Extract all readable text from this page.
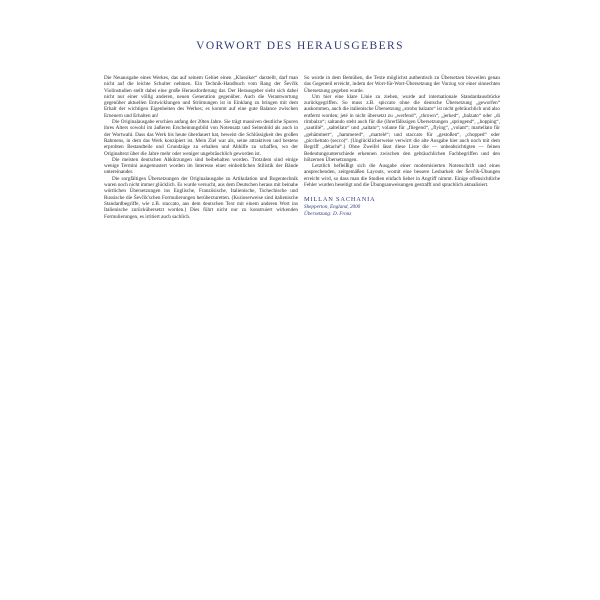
VORWORT DES HERAUSGEBERS

Die Neuausgabe eines Werkes, das auf seinem Gebiet einen „Klassiker“ darstellt, darf man nicht auf die leichte Schulter nehmen. Ein Technik-Handbuch vom Rang der Ševčík Violinstudien stellt dabei eine große Herausforderung dar. Der Herausgeber sieht sich dabei nicht nur einer völlig anderen, neuen Generation gegenüber. Auch die Verantwortung gegenüber aktuellen Entwicklungen und Strömungen ist in Einklang zu bringen mit dem Erhalt der wichtigen Eigenheiten des Werkes; es kommt auf eine gute Balance zwischen Erneuern und Erhalten an!

Die Originalausgabe erschien anfang der 20ten Jahre. Sie trägt massiven deutliche Spuren ihres Alters sowohl im äußeren Erscheinungsbild von Notensatz und Seitenbild als auch in der Wortwahl. Dass das Werk bis heute überdauert hat, beweist die Schlüssigkeit des großen Rahmens, in dem das Werk konzipiert ist. Mein Ziel war als, seine attraktiven und bestens erprobten Bestandteile und Grundzüge zu erhalten und Abhilfe zu schaffen, wo der Originaltext über die Jahre mehr oder weniger ungebräuchlich geworden ist.

Die meisten deutschen Abkürzungen sind beibehalten worden. Trotzdem sind einige wenige Termini ausgemustert worden im Interesse einer einheitlichen Stilistik der Bände untereinander.

Die sorgfältigen Übersetzungen der Originalausgabe zu Artikulation und Bogentechnik waren noch nicht immer glücklich. Es wurde versucht, aus dem Deutschen heraus mit beinahe wörtlichen Übersetzungen ins Englische, Französische, Italienische, Tschechische und Russische die Ševčík'schen Formulierungen herüberzuretten. (Kurioserweise sind italienische Standardbegriffe, wie z.B. staccato, aus dem deutschen Text mit einem anderen Wort ins Italienische zurückübersetzt worden.) Dies führt nicht nur zu konstruiert wirkenden Formulierungen, es irritiert auch sachlich.

So wurde in dem Bemühen, die Texte möglichst authentisch zu Übersetzen bisweilen genau das Gegenteil erreicht, indem der Wort-für-Wort-Übersetzung der Vorzug vor einer sinnechten Übersetzung gegeben wurde.

Um hier eine klare Linie zu ziehen, wurde auf internationale Standardausdrücke zurückgegriffen. So muss z.B. spiccato ohne die deutsche Übersetzung „geworfen“ auskommen, auch die italienische Übersetzung „strobo balzato“ ist nicht gebräuchlich und also entfernt worden; jeté in nicht übersetzt zu „werfend“, „thrown“, „jerked“, „balzato“ oder „di rimbalzo“; saltando steht auch für die (ihrerfällssigen Übersetzungen „springend“, „hopping“, „sautillé“, „saltellato“ und „saltato“; volante für „fliegend“, „flying“, „volant“; martellato für „gehämmert“, „hammered“, „martelé“; und staccato für „gestoßen“, „chopped“ oder „picchettato (secco)“. (Unglücklicherweise verwirrt die alte Ausgabe hier auch noch mit dem Begriff „détaché“.) Ohne Zweifel lässt diese Liste die — unbeabsichtigten — feinen Bedeutungsunterschiede erkennen zwischen den gebräuchlichen Fachbegriffen und den hölzernen Übersetzungen.

Letztlich befleißigt sich die Ausgabe einer modernisierten Notenschrift und eines ansprechenden, zeitgemäßen Layouts, womit eine bessere Lesbarkeit der Ševčík-Übungen erreicht wird, so dass man die Studien einfach lieber in Angriff nimmt. Einige offensichtliche Fehler wurden beseitigt und die Übungsanweisungen gestrafft und sprachlich aktualisiert.

MILLAN SACHANIA
Shepperton, England, 2000
Übersetzung: D. Fronz
